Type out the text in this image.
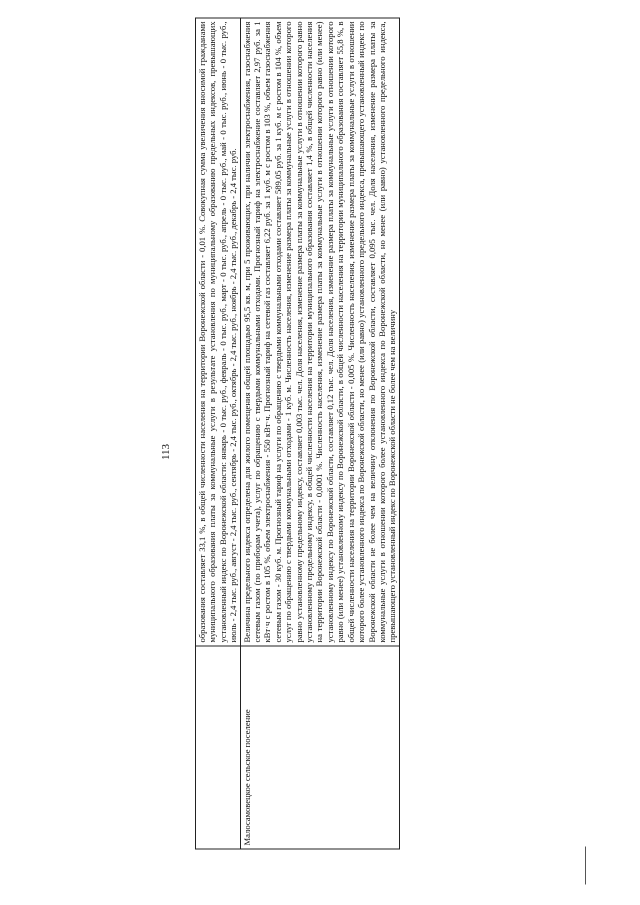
113
		образования составляет 33,1 %, в общей численности населения на территории Воронежской области - 0,01 %. Совокупная сумма увеличения вносимой гражданами муниципального образования платы за коммунальные услуги в результате установления по муниципальному образованию предельных индексов, превышающих установленный индекс по Воронежской области: январь - 0 тыс. руб., февраль - 0 тыс. руб., март - 0 тыс. руб., апрель - 0 тыс. руб., май - 0 тыс. руб., июнь - 0 тыс. руб., июль - 2,4 тыс. руб., август - 2,4 тыс. руб., сентябрь - 2,4 тыс. руб., октябрь - 2,4 тыс. руб., ноябрь - 2,4 тыс. руб., декабрь - 2,4 тыс. руб.
Малосамовецкое сельское поселение	Величина предельного индекса определена для жилого помещения общей площадью 95,5 кв. м, при 5 проживающих, при наличии электроснабжения, газоснабжения сетевым газом (по приборам учета), услуг по обращению с твердыми коммунальными отходами. Прогнозный тариф на электроснабжение составляет 2,97 руб. за 1 кВт·ч с ростом в 105 %, объем электроснабжения - 550 кВт·ч. Прогнозный тариф на сетевой газ составляет 6,22 руб. за 1 куб. м с ростом в 103 %, объем газоснабжения сетевым газом - 30 куб. м. Прогнозный тариф на услуги по обращению с твердыми коммунальными отходами составляет 589,05 руб. за 1 куб. м с ростом в 104 %, объем услуг по обращению с твердыми коммунальными отходами - 1 куб. м. Численность населения, изменение размера платы за коммунальные услуги в отношении которого равно установленному предельному индексу, составляет 0,003 тыс. чел. Доля населения, изменение размера платы за коммунальные услуги в отношении которого равно установленному предельному индексу, в общей численности населения на территории муниципального образования составляет 1,4 %, в общей численности населения на территории Воронежской области - 0,0001 %. Численность населения, изменение размера платы за коммунальные услуги в отношении которого равно (или менее) установленному индексу по Воронежской области, составляет 0,12 тыс. чел. Доля населения, изменение размера платы за коммунальные услуги в отношении которого равно (или менее) установленному индексу по Воронежской области, в общей численности населения на территории муниципального образования составляет 55,8 %, в общей численности населения на территории Воронежской области - 0,005 %. Численность населения, изменение размера платы за коммунальные услуги в отношении которого более установленного индекса по Воронежской области, но менее (или равно) установленного предельного индекса, превышающего установленный индекс по Воронежской области не более чем на величину отклонения по Воронежской области, составляет 0,095 тыс. чел. Доля населения, изменение размера платы за коммунальные услуги в отношении которого более установленного индекса по Воронежской области, но менее (или равно) установленного предельного индекса, превышающего установленный индекс по Воронежской области не более чем на величину
